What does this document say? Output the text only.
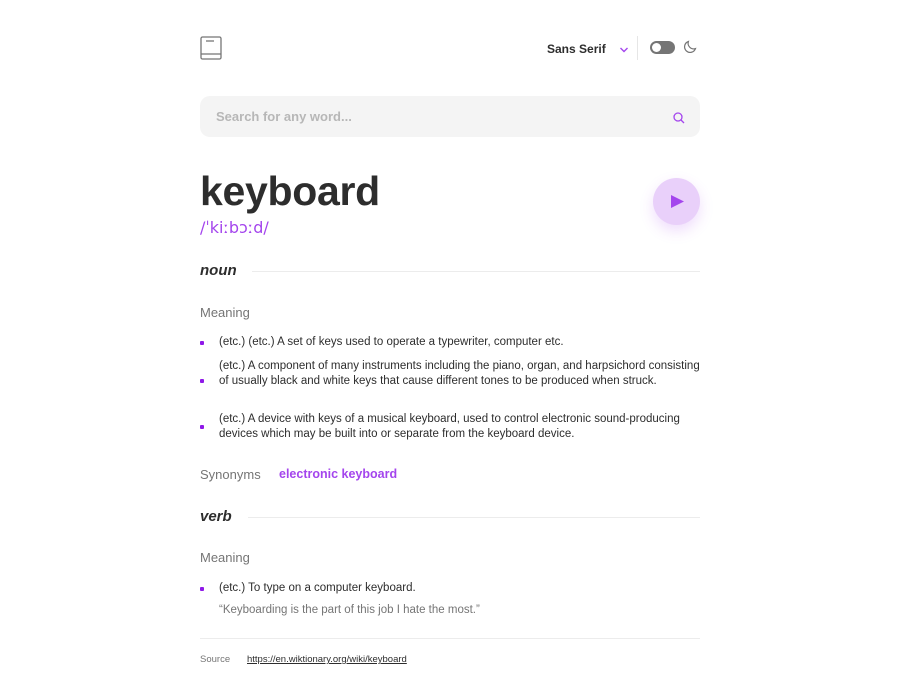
Sans Serif
Search for any word...
keyboard
/ˈkiːbɔːd/
noun
Meaning
(etc.) (etc.) A set of keys used to operate a typewriter, computer etc.
(etc.) A component of many instruments including the piano, organ, and harpsichord consisting of usually black and white keys that cause different tones to be produced when struck.
(etc.) A device with keys of a musical keyboard, used to control electronic sound-producing devices which may be built into or separate from the keyboard device.
Synonyms electronic keyboard
verb
Meaning
(etc.) To type on a computer keyboard.
“Keyboarding is the part of this job I hate the most.”
Source https://en.wiktionary.org/wiki/keyboard
